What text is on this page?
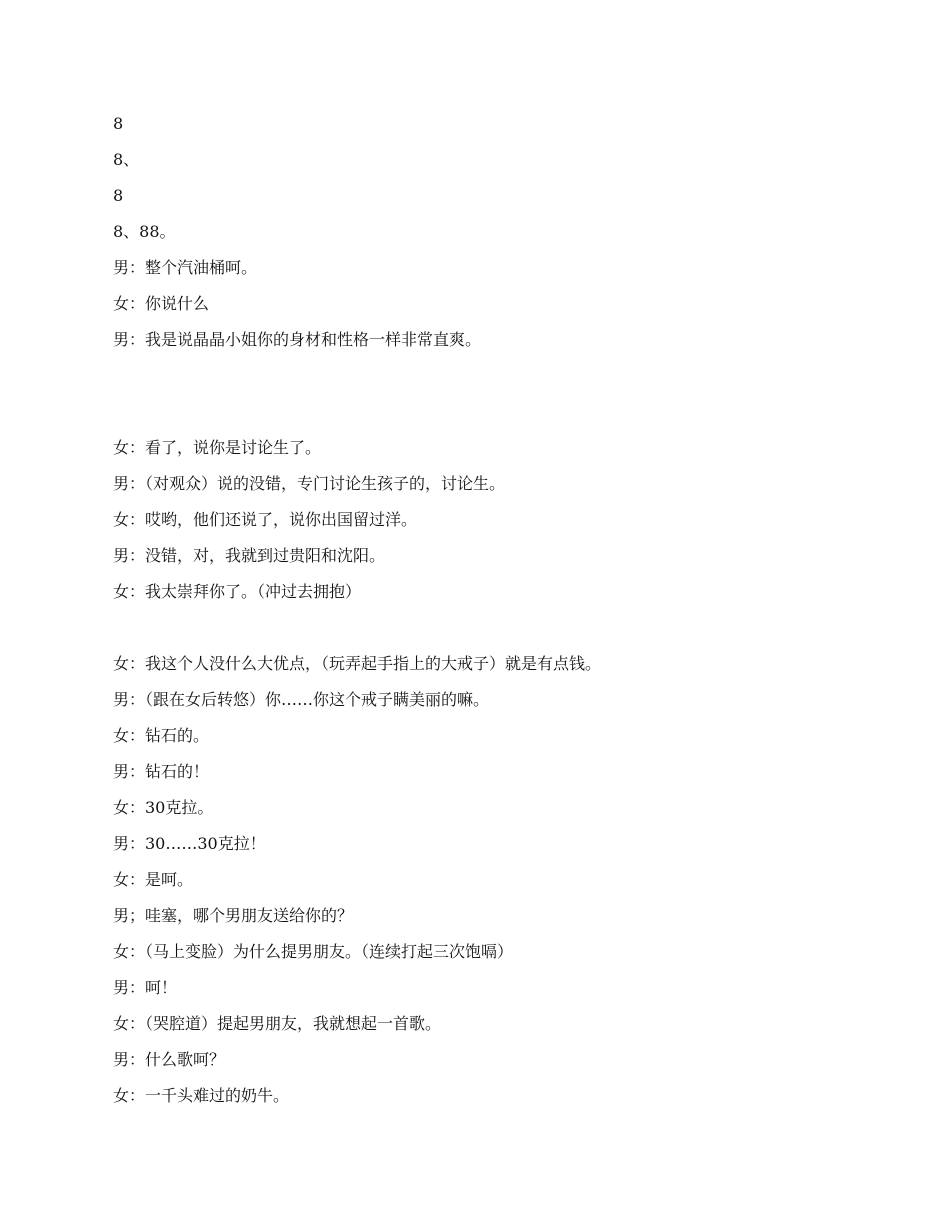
8
8、
8
8、88。
男：整个汽油桶呵。
女：你说什么
男：我是说晶晶小姐你的身材和性格一样非常直爽。
女：看了，说你是讨论生了。
男：（对观众）说的没错，专门讨论生孩子的，讨论生。
女：哎哟，他们还说了，说你出国留过洋。
男：没错，对，我就到过贵阳和沈阳。
女：我太崇拜你了。（冲过去拥抱）
女：我这个人没什么大优点，（玩弄起手指上的大戒子）就是有点钱。
男：（跟在女后转悠）你……你这个戒子瞒美丽的嘛。
女：钻石的。
男：钻石的！
女：30克拉。
男：30……30克拉！
女：是呵。
男；哇塞，哪个男朋友送给你的？
女：（马上变脸）为什么提男朋友。（连续打起三次饱嗝）
男：呵！
女：（哭腔道）提起男朋友，我就想起一首歌。
男：什么歌呵？
女：一千头难过的奶牛。
